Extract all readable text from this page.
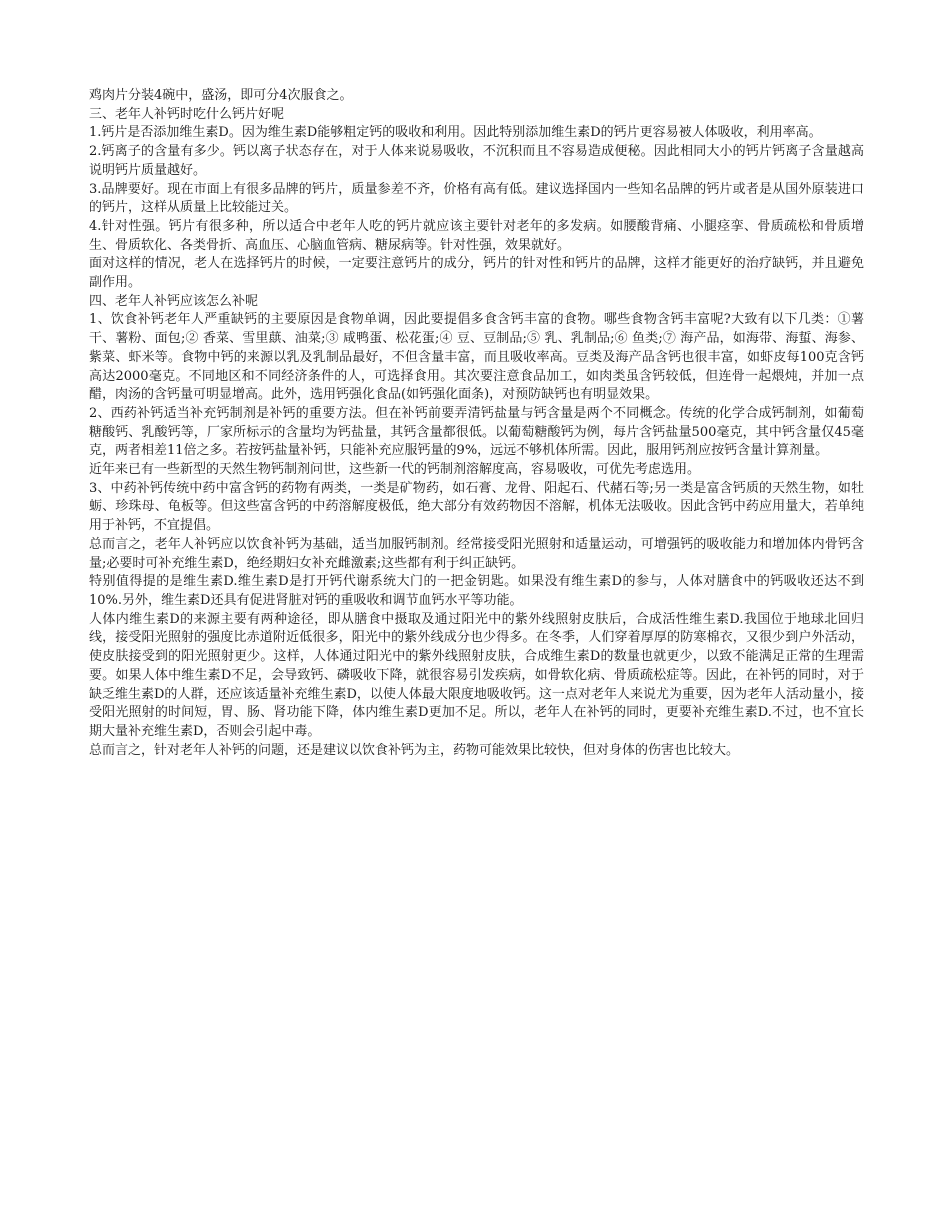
鸡肉片分装4碗中，盛汤，即可分4次服食之。

三、老年人补钙时吃什么钙片好呢

1.钙片是否添加维生素D。因为维生素D能够粗定钙的吸收和利用。因此特别添加维生素D的钙片更容易被人体吸收，利用率高。

2.钙离子的含量有多少。钙以离子状态存在，对于人体来说易吸收，不沉积而且不容易造成便秘。因此相同大小的钙片钙离子含量越高说明钙片质量越好。

3.品牌要好。现在市面上有很多品牌的钙片，质量参差不齐，价格有高有低。建议选择国内一些知名品牌的钙片或者是从国外原装进口的钙片，这样从质量上比较能过关。

4.针对性强。钙片有很多种，所以适合中老年人吃的钙片就应该主要针对老年的多发病。如腰酸背痛、小腿痉挛、骨质疏松和骨质增生、骨质软化、各类骨折、高血压、心脑血管病、糖尿病等。针对性强，效果就好。

面对这样的情况，老人在选择钙片的时候，一定要注意钙片的成分，钙片的针对性和钙片的品牌，这样才能更好的治疗缺钙，并且避免副作用。

四、老年人补钙应该怎么补呢

1、饮食补钙老年人严重缺钙的主要原因是食物单调，因此要提倡多食含钙丰富的食物。哪些食物含钙丰富呢?大致有以下几类：①薯干、薯粉、面包;② 香菜、雪里蕻、油菜;③ 咸鸭蛋、松花蛋;④ 豆、豆制品;⑤ 乳、乳制品;⑥ 鱼类;⑦ 海产品，如海带、海蜇、海参、紫菜、虾米等。食物中钙的来源以乳及乳制品最好，不但含量丰富，而且吸收率高。豆类及海产品含钙也很丰富，如虾皮每100克含钙高达2000毫克。不同地区和不同经济条件的人，可选择食用。其次要注意食品加工，如肉类虽含钙较低，但连骨一起煨炖，并加一点醋，肉汤的含钙量可明显增高。此外，选用钙强化食品(如钙强化面条)，对预防缺钙也有明显效果。

2、西药补钙适当补充钙制剂是补钙的重要方法。但在补钙前要弄清钙盐量与钙含量是两个不同概念。传统的化学合成钙制剂，如葡萄糖酸钙、乳酸钙等，厂家所标示的含量均为钙盐量，其钙含量都很低。以葡萄糖酸钙为例，每片含钙盐量500毫克，其中钙含量仅45毫克，两者相差11倍之多。若按钙盐量补钙，只能补充应服钙量的9%，远远不够机体所需。因此，服用钙剂应按钙含量计算剂量。

近年来已有一些新型的天然生物钙制剂问世，这些新一代的钙制剂溶解度高，容易吸收，可优先考虑选用。

3、中药补钙传统中药中富含钙的药物有两类，一类是矿物药，如石膏、龙骨、阳起石、代赭石等;另一类是富含钙质的天然生物，如牡蛎、珍珠母、龟板等。但这些富含钙的中药溶解度极低，绝大部分有效药物因不溶解，机体无法吸收。因此含钙中药应用量大，若单纯用于补钙，不宜提倡。

总而言之，老年人补钙应以饮食补钙为基础，适当加服钙制剂。经常接受阳光照射和适量运动，可增强钙的吸收能力和增加体内骨钙含量;必要时可补充维生素D，绝经期妇女补充雌激素;这些都有利于纠正缺钙。

特别值得提的是维生素D.维生素D是打开钙代谢系统大门的一把金钥匙。如果没有维生素D的参与，人体对膳食中的钙吸收还达不到10%.另外，维生素D还具有促进肾脏对钙的重吸收和调节血钙水平等功能。

人体内维生素D的来源主要有两种途径，即从膳食中摄取及通过阳光中的紫外线照射皮肤后，合成活性维生素D.我国位于地球北回归线，接受阳光照射的强度比赤道附近低很多，阳光中的紫外线成分也少得多。在冬季，人们穿着厚厚的防寒棉衣，又很少到户外活动，使皮肤接受到的阳光照射更少。这样，人体通过阳光中的紫外线照射皮肤，合成维生素D的数量也就更少，以致不能满足正常的生理需要。如果人体中维生素D不足，会导致钙、磷吸收下降，就很容易引发疾病，如骨软化病、骨质疏松症等。因此，在补钙的同时，对于缺乏维生素D的人群，还应该适量补充维生素D，以使人体最大限度地吸收钙。这一点对老年人来说尤为重要，因为老年人活动量小，接受阳光照射的时间短，胃、肠、肾功能下降，体内维生素D更加不足。所以，老年人在补钙的同时，更要补充维生素D.不过，也不宜长期大量补充维生素D，否则会引起中毒。

总而言之，针对老年人补钙的问题，还是建议以饮食补钙为主，药物可能效果比较快，但对身体的伤害也比较大。
